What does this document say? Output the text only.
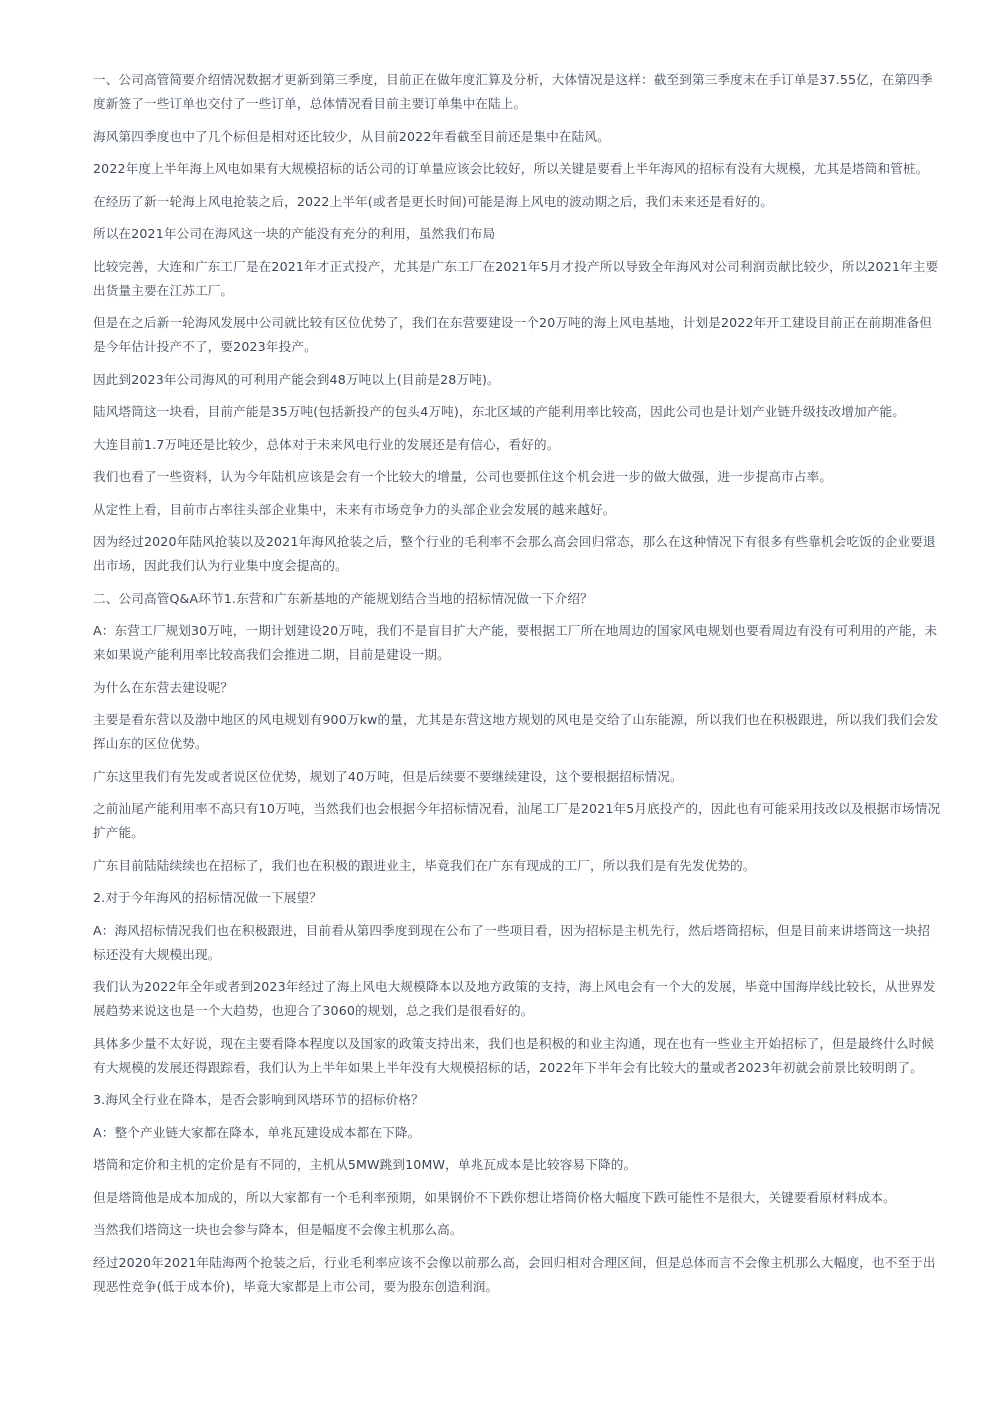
一、公司高管简要介绍情况数据才更新到第三季度，目前正在做年度汇算及分析，大体情况是这样：截至到第三季度末在手订单是37.55亿，在第四季度新签了一些订单也交付了一些订单，总体情况看目前主要订单集中在陆上。

海风第四季度也中了几个标但是相对还比较少，从目前2022年看截至目前还是集中在陆风。

2022年度上半年海上风电如果有大规模招标的话公司的订单量应该会比较好，所以关键是要看上半年海风的招标有没有大规模，尤其是塔筒和管桩。

在经历了新一轮海上风电抢装之后，2022上半年(或者是更长时间)可能是海上风电的波动期之后，我们未来还是看好的。

所以在2021年公司在海风这一块的产能没有充分的利用，虽然我们布局

比较完善，大连和广东工厂是在2021年才正式投产，尤其是广东工厂在2021年5月才投产所以导致全年海风对公司利润贡献比较少，所以2021年主要出货量主要在江苏工厂。

但是在之后新一轮海风发展中公司就比较有区位优势了，我们在东营要建设一个20万吨的海上风电基地，计划是2022年开工建设目前正在前期准备但是今年估计投产不了，要2023年投产。

因此到2023年公司海风的可利用产能会到48万吨以上(目前是28万吨)。

陆风塔筒这一块看，目前产能是35万吨(包括新投产的包头4万吨)，东北区域的产能利用率比较高，因此公司也是计划产业链升级技改增加产能。

大连目前1.7万吨还是比较少，总体对于未来风电行业的发展还是有信心，看好的。

我们也看了一些资料，认为今年陆机应该是会有一个比较大的增量，公司也要抓住这个机会进一步的做大做强，进一步提高市占率。

从定性上看，目前市占率往头部企业集中，未来有市场竞争力的头部企业会发展的越来越好。

因为经过2020年陆风抢装以及2021年海风抢装之后，整个行业的毛利率不会那么高会回归常态，那么在这种情况下有很多有些靠机会吃饭的企业要退出市场，因此我们认为行业集中度会提高的。

二、公司高管Q&A环节1.东营和广东新基地的产能规划结合当地的招标情况做一下介绍？

A：东营工厂规划30万吨，一期计划建设20万吨，我们不是盲目扩大产能，要根据工厂所在地周边的国家风电规划也要看周边有没有可利用的产能，未来如果说产能利用率比较高我们会推进二期，目前是建设一期。

为什么在东营去建设呢？

主要是看东营以及渤中地区的风电规划有900万kw的量，尤其是东营这地方规划的风电是交给了山东能源，所以我们也在积极跟进，所以我们我们会发挥山东的区位优势。

广东这里我们有先发或者说区位优势，规划了40万吨，但是后续要不要继续建设，这个要根据招标情况。

之前汕尾产能利用率不高只有10万吨，当然我们也会根据今年招标情况看，汕尾工厂是2021年5月底投产的，因此也有可能采用技改以及根据市场情况扩产能。

广东目前陆陆续续也在招标了，我们也在积极的跟进业主，毕竟我们在广东有现成的工厂，所以我们是有先发优势的。

2.对于今年海风的招标情况做一下展望？

A：海风招标情况我们也在积极跟进，目前看从第四季度到现在公布了一些项目看，因为招标是主机先行，然后塔筒招标，但是目前来讲塔筒这一块招标还没有大规模出现。

我们认为2022年全年或者到2023年经过了海上风电大规模降本以及地方政策的支持，海上风电会有一个大的发展，毕竟中国海岸线比较长，从世界发展趋势来说这也是一个大趋势，也迎合了3060的规划，总之我们是很看好的。

具体多少量不太好说，现在主要看降本程度以及国家的政策支持出来，我们也是积极的和业主沟通，现在也有一些业主开始招标了，但是最终什么时候有大规模的发展还得跟踪看，我们认为上半年如果上半年没有大规模招标的话，2022年下半年会有比较大的量或者2023年初就会前景比较明朗了。

3.海风全行业在降本，是否会影响到风塔环节的招标价格？

A：整个产业链大家都在降本，单兆瓦建设成本都在下降。

塔筒和定价和主机的定价是有不同的，主机从5MW跳到10MW，单兆瓦成本是比较容易下降的。

但是塔筒他是成本加成的，所以大家都有一个毛利率预期，如果钢价不下跌你想让塔筒价格大幅度下跌可能性不是很大，关键要看原材料成本。

当然我们塔筒这一块也会参与降本，但是幅度不会像主机那么高。

经过2020年2021年陆海两个抢装之后，行业毛利率应该不会像以前那么高，会回归相对合理区间，但是总体而言不会像主机那么大幅度，也不至于出现恶性竞争(低于成本价)，毕竟大家都是上市公司，要为股东创造利润。
